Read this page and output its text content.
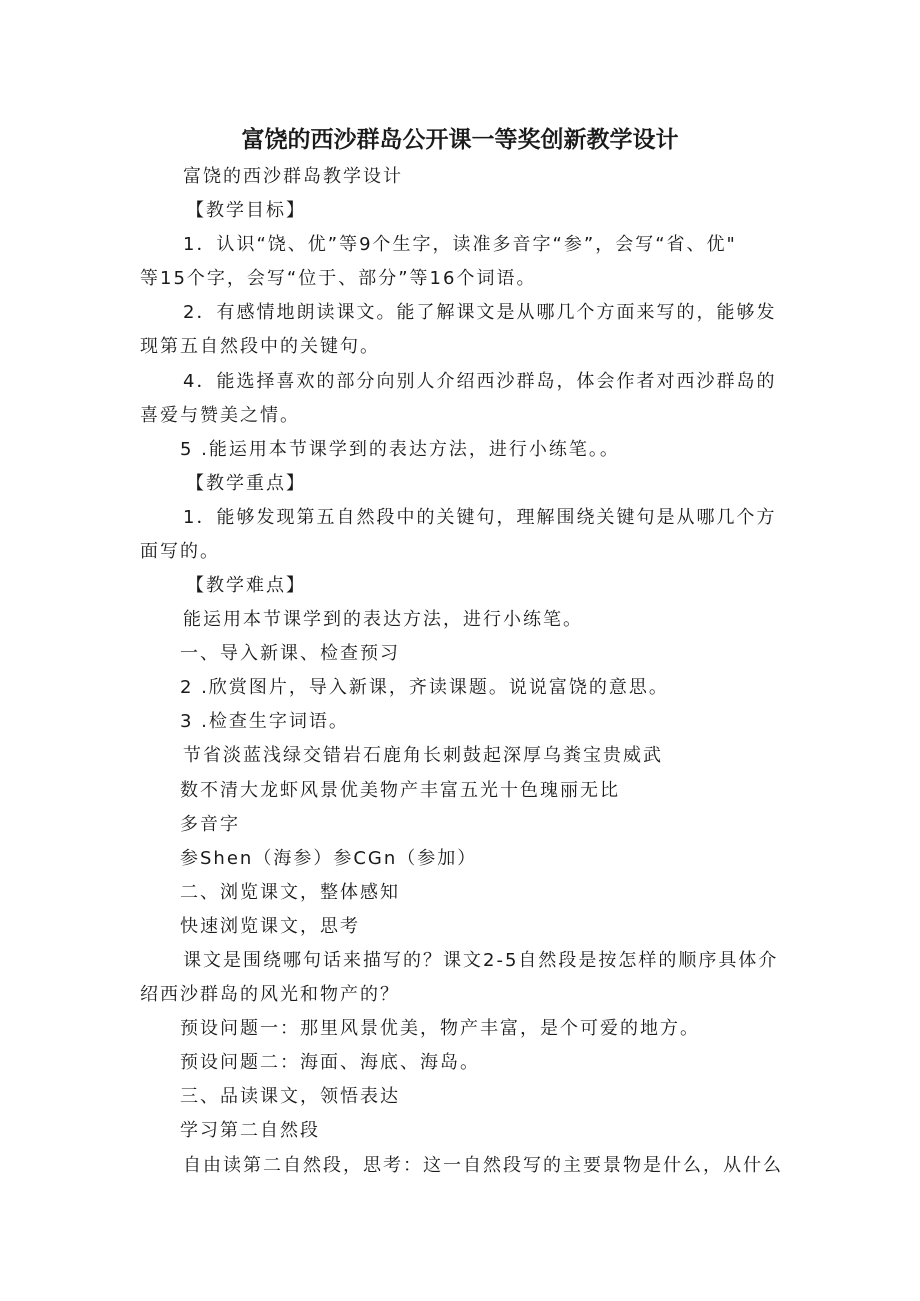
富饶的西沙群岛公开课一等奖创新教学设计
富饶的西沙群岛教学设计
【教学目标】
1．认识“饶、优”等9个生字，读准多音字“参”，会写“省、优"
等15个字，会写“位于、部分”等16个词语。
2．有感情地朗读课文。能了解课文是从哪几个方面来写的，能够发
现第五自然段中的关键句。
4．能选择喜欢的部分向别人介绍西沙群岛，体会作者对西沙群岛的
喜爱与赞美之情。
5 .能运用本节课学到的表达方法，进行小练笔。。
【教学重点】
1．能够发现第五自然段中的关键句，理解围绕关键句是从哪几个方
面写的。
【教学难点】
能运用本节课学到的表达方法，进行小练笔。
一、导入新课、检查预习
2 .欣赏图片，导入新课，齐读课题。说说富饶的意思。
3 .检查生字词语。
节省淡蓝浅绿交错岩石鹿角长刺鼓起深厚乌粪宝贵威武
数不清大龙虾风景优美物产丰富五光十色瑰丽无比
多音字
参Shen（海参）参CGn（参加）
二、浏览课文，整体感知
快速浏览课文，思考
课文是围绕哪句话来描写的？课文2-5自然段是按怎样的顺序具体介
绍西沙群岛的风光和物产的？
预设问题一：那里风景优美，物产丰富，是个可爱的地方。
预设问题二：海面、海底、海岛。
三、品读课文，领悟表达
学习第二自然段
自由读第二自然段，思考：这一自然段写的主要景物是什么，从什么
